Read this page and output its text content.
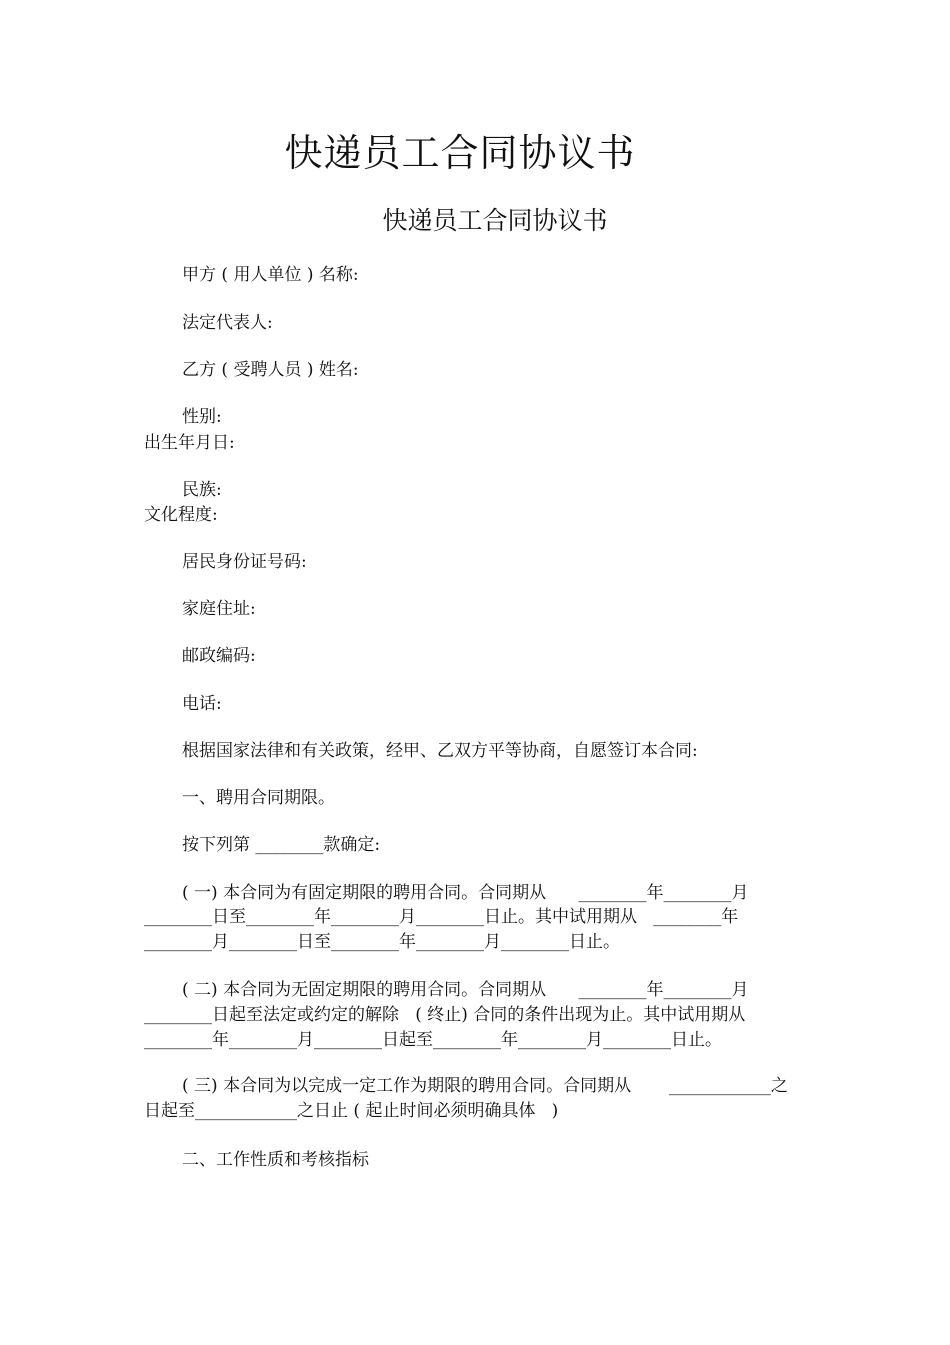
快递员工合同协议书
快递员工合同协议书
甲方 ( 用人单位 ) 名称:
法定代表人:
乙方 ( 受聘人员 ) 姓名:
性别:
出生年月日:
民族:
文化程度:
居民身份证号码:
家庭住址:
邮政编码:
电话:
根据国家法律和有关政策，经甲、乙双方平等协商，自愿签订本合同:
一、聘用合同期限。
按下列第 ________款确定:
( 一) 本合同为有固定期限的聘用合同。合同期从      ________年________月
________日至________年________月________日止。其中试用期从   ________年
________月________日至________年________月________日止。
( 二) 本合同为无固定期限的聘用合同。合同期从      ________年________月
________日起至法定或约定的解除   ( 终止) 合同的条件出现为止。其中试用期从
________年________月________日起至________年________月________日止。
( 三) 本合同为以完成一定工作为期限的聘用合同。合同期从       ____________之
日起至____________之日止 ( 起止时间必须明确具体   )
二、工作性质和考核指标
